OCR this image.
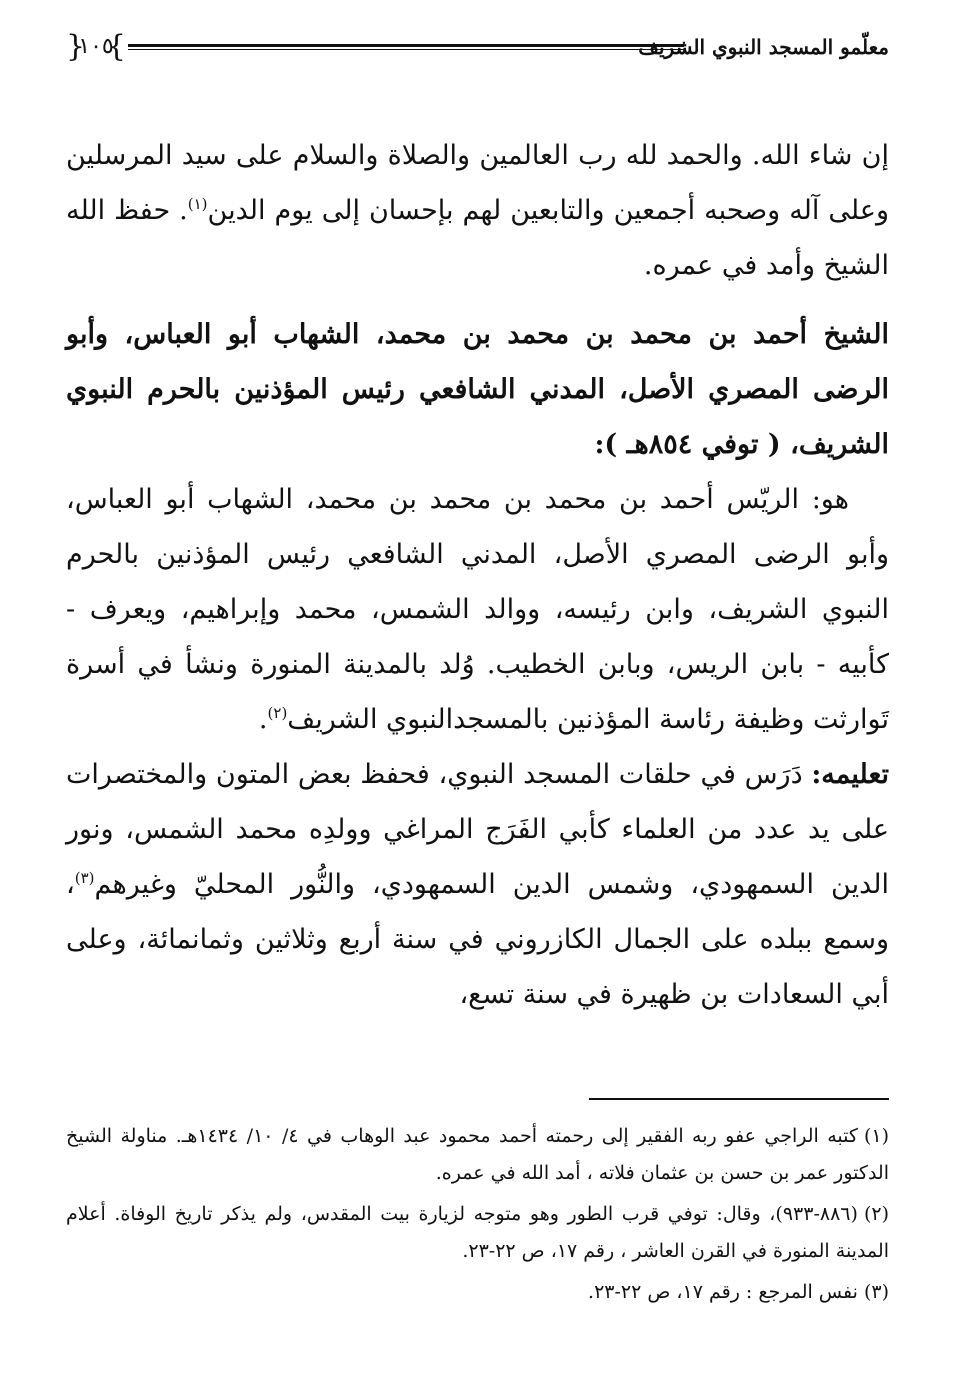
{
١٠٥
}	معلّمو المسجد النبوي الشريف

إن شاء الله. والحمد لله رب العالمين والصلاة والسلام على سيد المرسلين وعلى آله وصحبه أجمعين والتابعين لهم بإحسان إلى يوم الدين$^{(١)}$. حفظ الله الشيخ وأمد في عمره.

الشيخ أحمد بن محمد بن محمد بن محمد، الشهاب أبو العباس، وأبو الرضى المصري الأصل، المدني الشافعي رئيس المؤذنين بالحرم النبوي الشريف، ( توفي ٨٥٤هـ ):

هو: الريّس أحمد بن محمد بن محمد بن محمد، الشهاب أبو العباس، وأبو الرضى المصري الأصل، المدني الشافعي رئيس المؤذنين بالحرم النبوي الشريف، وابن رئيسه، ووالد الشمس، محمد وإبراهيم، ويعرف - كأبيه - بابن الريس، وبابن الخطيب. وُلد بالمدينة المنورة ونشأ في أسرة تَوارثت وظيفة رئاسة المؤذنين بالمسجدالنبوي الشريف$^{(٢)}$.

تعليمه: دَرَس في حلقات المسجد النبوي، فحفظ بعض المتون والمختصرات على يد عدد من العلماء كأبي الفَرَج المراغي وولدِه محمد الشمس، ونور الدين السمهودي، وشمس الدين السمهودي، والنُّور المحليّ وغيرهم$^{(٣)}$، وسمع ببلده على الجمال الكازروني في سنة أربع وثلاثين وثمانمائة، وعلى أبي السعادات بن ظهيرة في سنة تسع،

(١)كتبه الراجي عفو ربه الفقير إلى رحمته أحمد محمود عبد الوهاب في ٤/ ١٠/ ١٤٣٤هـ. مناولة الشيخ الدكتور عمر بن حسن بن عثمان فلاته ، أمد الله في عمره.

(٢)(٨٨٦-٩٣٣)، وقال: توفي قرب الطور وهو متوجه لزيارة بيت المقدس، ولم يذكر تاريخ الوفاة. أعلام المدينة المنورة في القرن العاشر ، رقم ١٧، ص ٢٢-٢٣.

(٣)نفس المرجع : رقم ١٧، ص ٢٢-٢٣.
